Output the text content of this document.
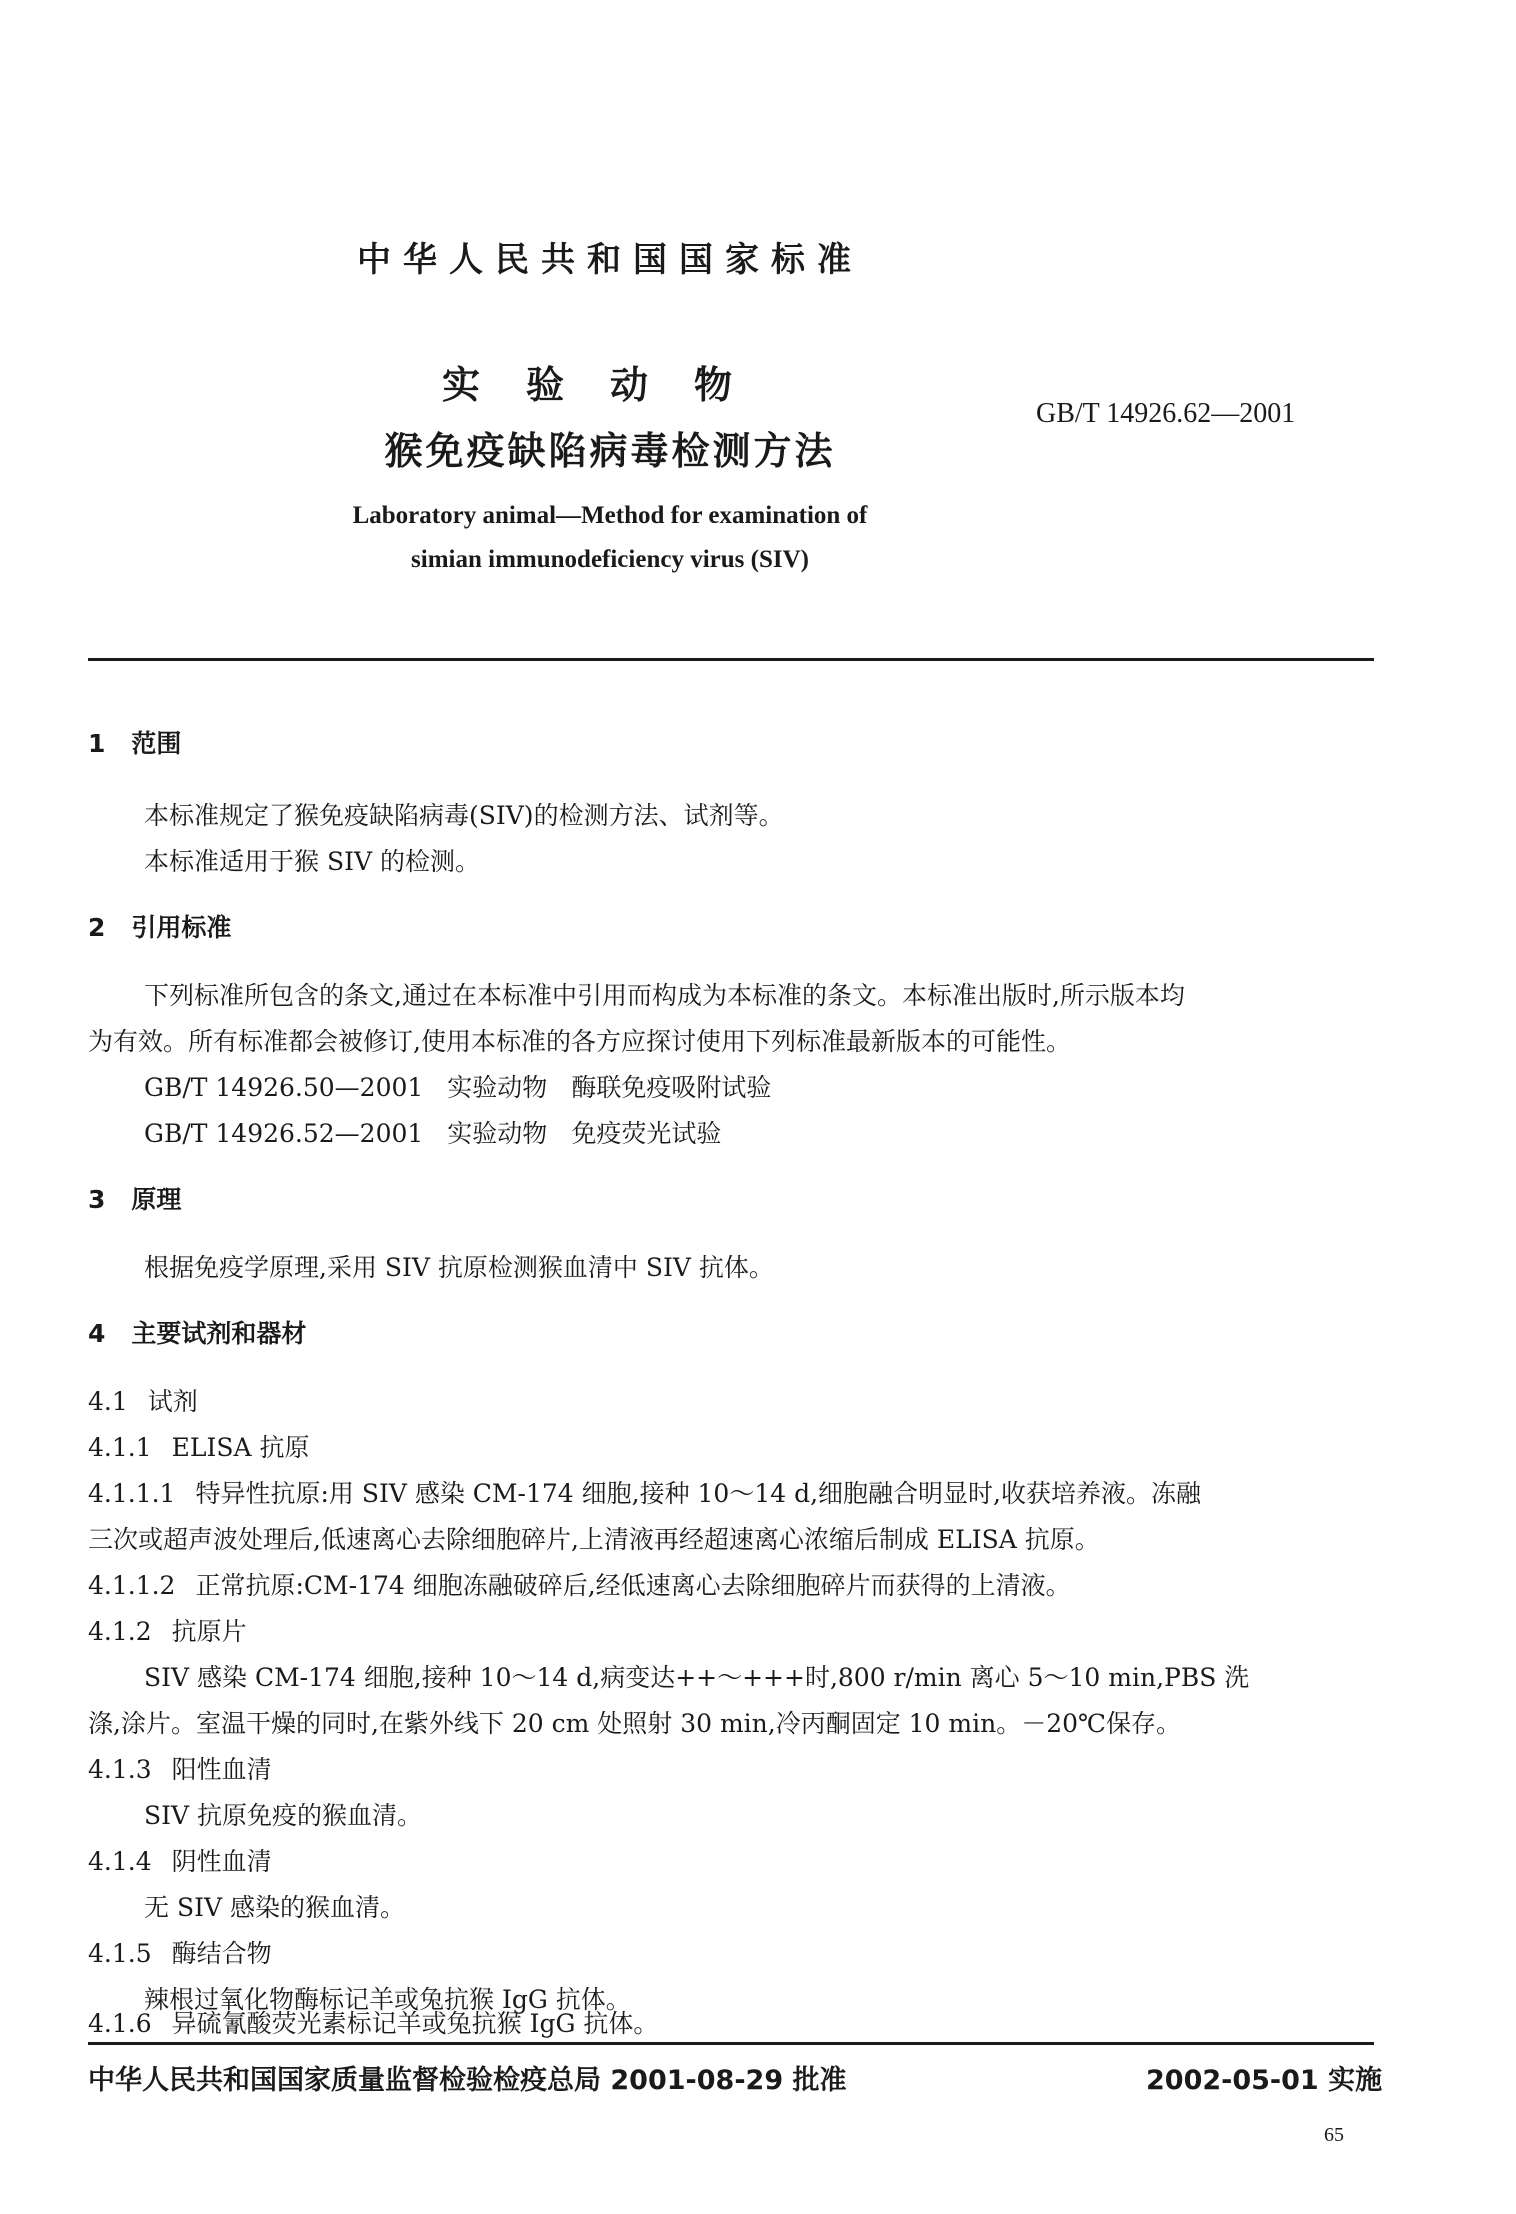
中华人民共和国国家标准
实验动物
猴免疫缺陷病毒检测方法
GB/T 14926.62—2001
Laboratory animal—Method for examination of
simian immunodeficiency virus (SIV)
1 范围
本标准规定了猴免疫缺陷病毒(SIV)的检测方法、试剂等。
本标准适用于猴 SIV 的检测。
2 引用标准
下列标准所包含的条文,通过在本标准中引用而构成为本标准的条文。本标准出版时,所示版本均
为有效。所有标准都会被修订,使用本标准的各方应探讨使用下列标准最新版本的可能性。
GB/T 14926.50—2001 实验动物 酶联免疫吸附试验
GB/T 14926.52—2001 实验动物 免疫荧光试验
3 原理
根据免疫学原理,采用 SIV 抗原检测猴血清中 SIV 抗体。
4 主要试剂和器材
4.1 试剂
4.1.1 ELISA 抗原
4.1.1.1 特异性抗原:用 SIV 感染 CM-174 细胞,接种 10～14 d,细胞融合明显时,收获培养液。冻融
三次或超声波处理后,低速离心去除细胞碎片,上清液再经超速离心浓缩后制成 ELISA 抗原。
4.1.1.2 正常抗原:CM-174 细胞冻融破碎后,经低速离心去除细胞碎片而获得的上清液。
4.1.2 抗原片
SIV 感染 CM-174 细胞,接种 10～14 d,病变达++～+++时,800 r/min 离心 5～10 min,PBS 洗
涤,涂片。室温干燥的同时,在紫外线下 20 cm 处照射 30 min,冷丙酮固定 10 min。－20℃保存。
4.1.3 阳性血清
SIV 抗原免疫的猴血清。
4.1.4 阴性血清
无 SIV 感染的猴血清。
4.1.5 酶结合物
辣根过氧化物酶标记羊或兔抗猴 IgG 抗体。
4.1.6 异硫氰酸荧光素标记羊或兔抗猴 IgG 抗体。
中华人民共和国国家质量监督检验检疫总局 2001-08-29 批准	2002-05-01 实施
65
